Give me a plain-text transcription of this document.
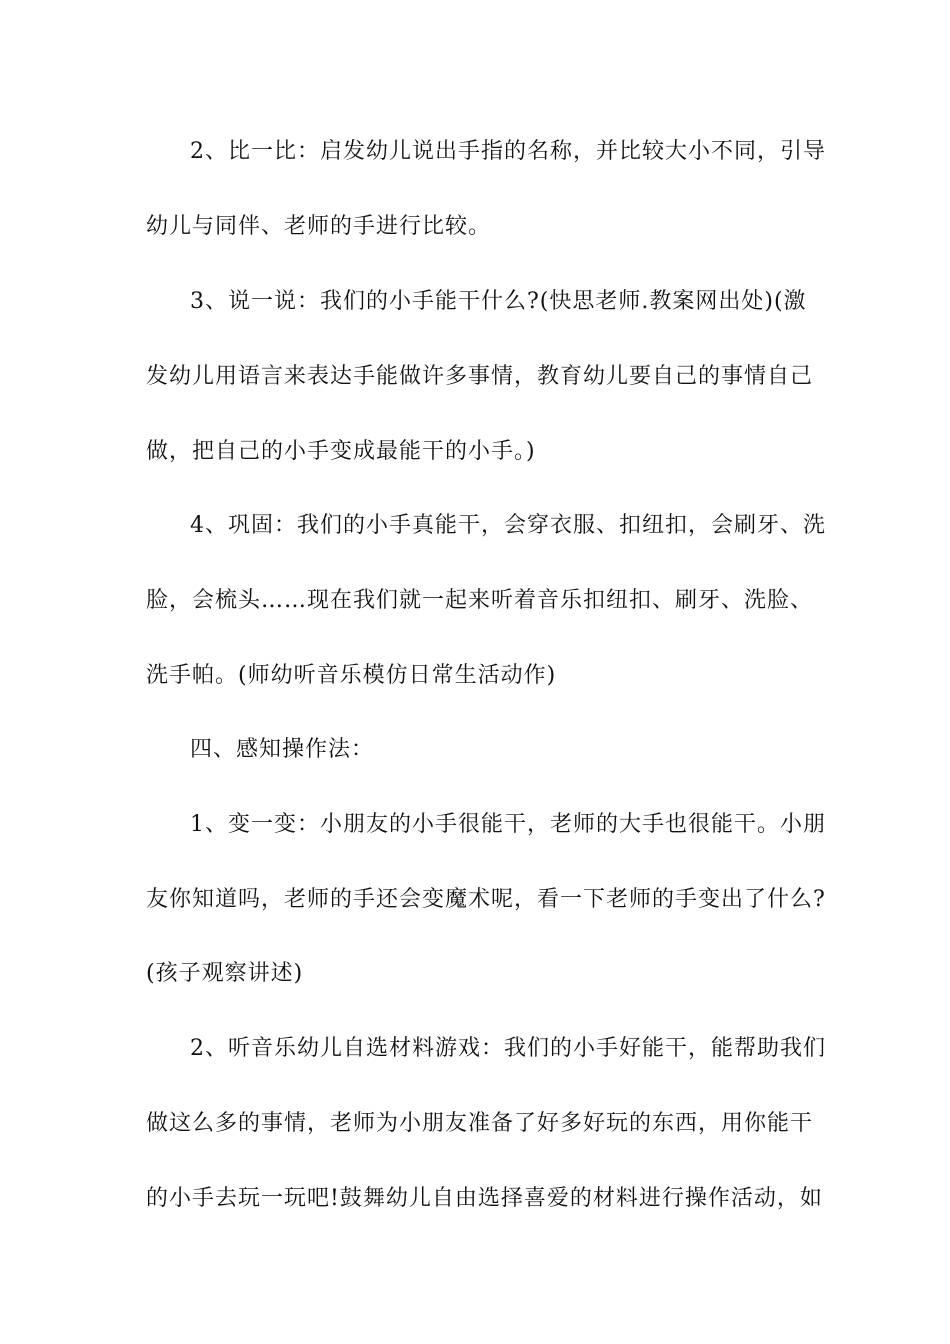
2、比一比：启发幼儿说出手指的名称，并比较大小不同，引导
幼儿与同伴、老师的手进行比较。
3、说一说：我们的小手能干什么?(快思老师.教案网出处)(激
发幼儿用语言来表达手能做许多事情，教育幼儿要自己的事情自己
做，把自己的小手变成最能干的小手。)
4、巩固：我们的小手真能干，会穿衣服、扣纽扣，会刷牙、洗
脸，会梳头……现在我们就一起来听着音乐扣纽扣、刷牙、洗脸、
洗手帕。(师幼听音乐模仿日常生活动作)
四、感知操作法：
1、变一变：小朋友的小手很能干，老师的大手也很能干。小朋
友你知道吗，老师的手还会变魔术呢，看一下老师的手变出了什么?
(孩子观察讲述)
2、听音乐幼儿自选材料游戏：我们的小手好能干，能帮助我们
做这么多的事情，老师为小朋友准备了好多好玩的东西，用你能干
的小手去玩一玩吧!鼓舞幼儿自由选择喜爱的材料进行操作活动，如
